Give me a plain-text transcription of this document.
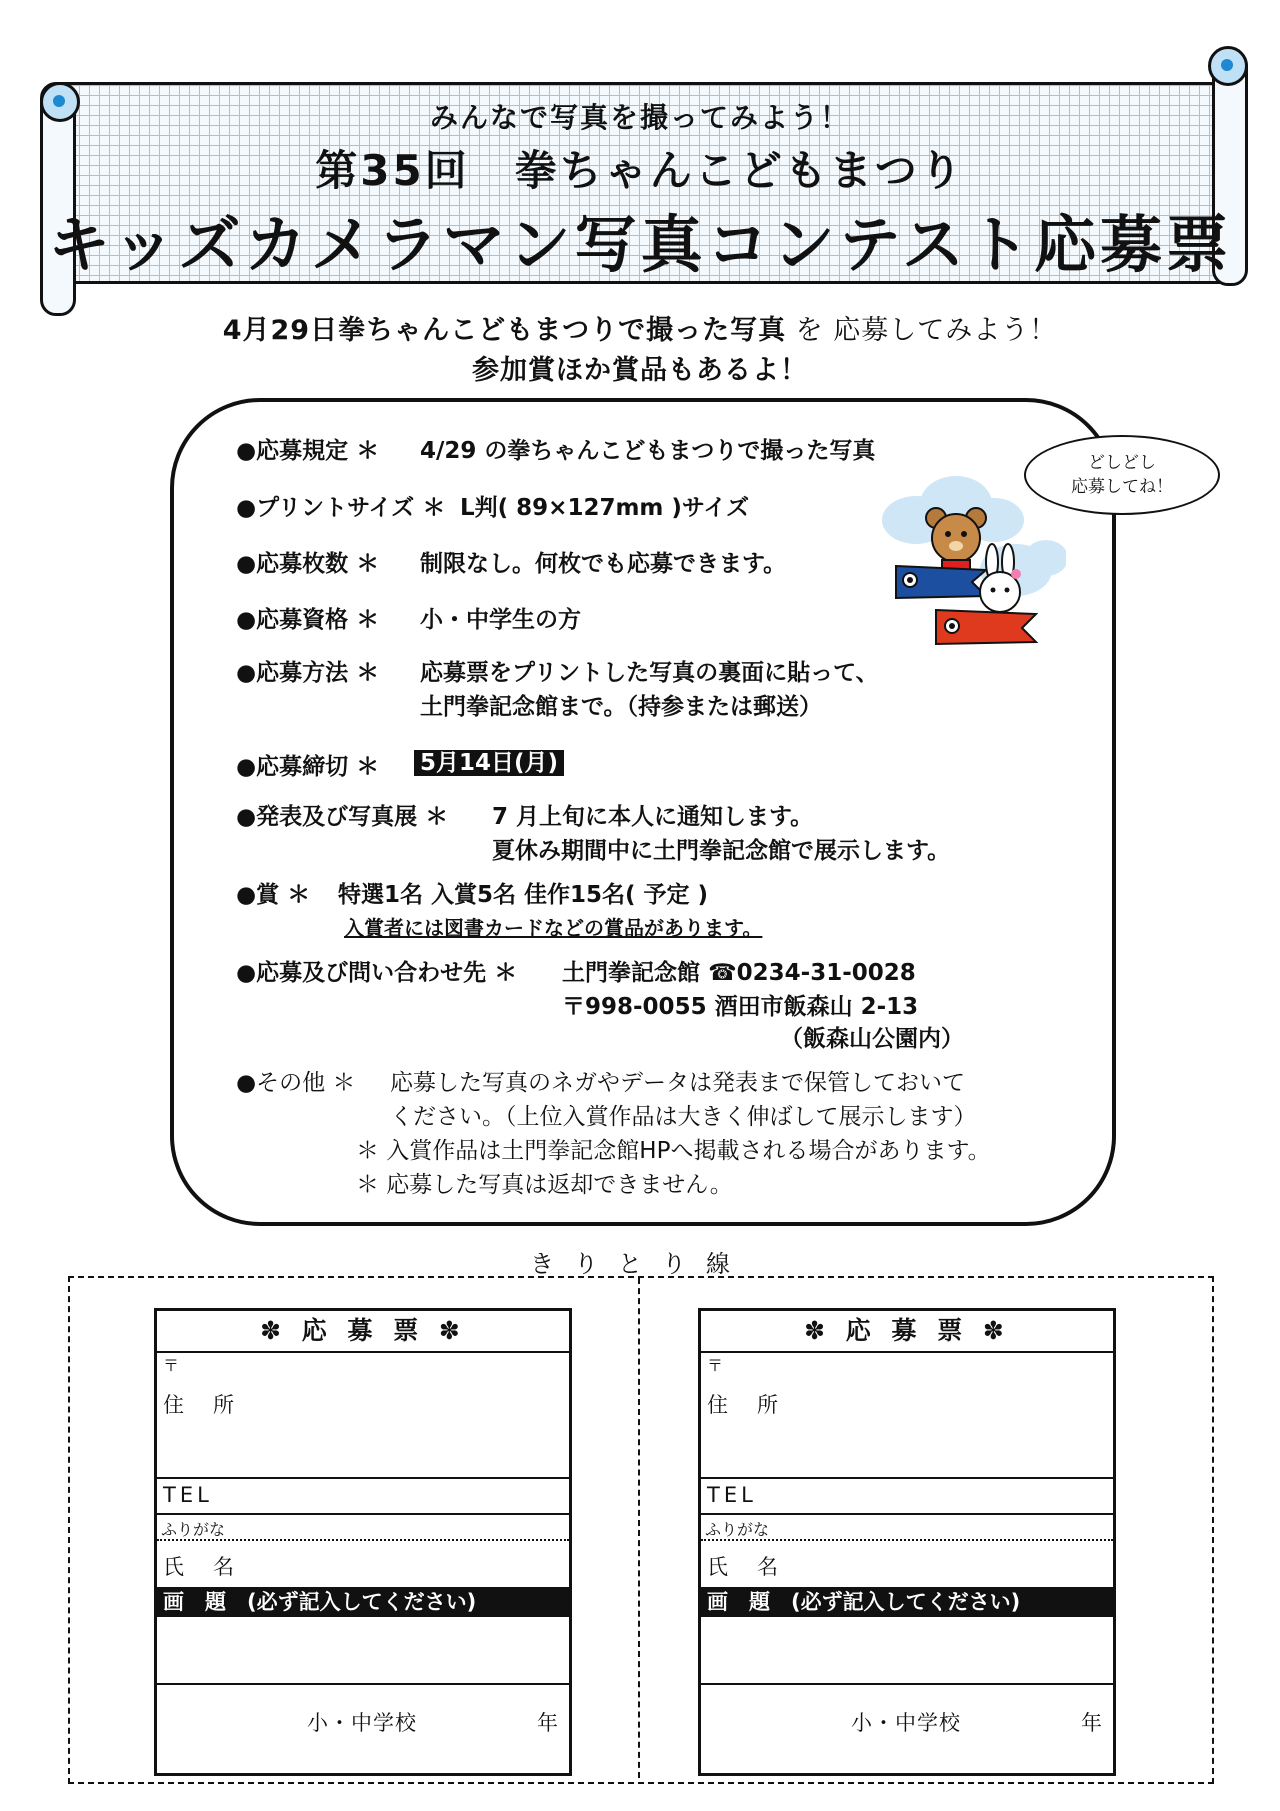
みんなで写真を撮ってみよう！
第35回　拳ちゃんこどもまつり
キッズカメラマン写真コンテスト応募票
4月29日拳ちゃんこどもまつりで撮った写真 を 応募してみよう！
参加賞ほか賞品もあるよ！
●応募規定 ＊ 4/29 の拳ちゃんこどもまつりで撮った写真
●プリントサイズ ＊ L判( 89×127mm )サイズ
●応募枚数 ＊ 制限なし。何枚でも応募できます。
●応募資格 ＊ 小・中学生の方
●応募方法 ＊ 応募票をプリントした写真の裏面に貼って、
土門拳記念館まで。（持参または郵送）
●応募締切 ＊ 5月14日(月)
●発表及び写真展 ＊ 7 月上旬に本人に通知します。
夏休み期間中に土門拳記念館で展示します。
●賞 ＊ 特選1名 入賞5名 佳作15名( 予定 )
入賞者には図書カードなどの賞品があります。
●応募及び問い合わせ先 ＊ 土門拳記念館 ☎0234-31-0028
〒998-0055 酒田市飯森山 2-13
（飯森山公園内）
●その他 ＊ 応募した写真のネガやデータは発表まで保管しておいて
ください。（上位入賞作品は大きく伸ばして展示します）
＊ 入賞作品は土門拳記念館HPへ掲載される場合があります。
＊ 応募した写真は返却できません。
どしどし
応募してね！
きりとり線
✽ 応 募 票 ✽
〒
住　所
TEL
ふりがな
氏　名
画　題　(必ず記入してください)
小・中学校	年
✽ 応 募 票 ✽
〒
住　所
TEL
ふりがな
氏　名
画　題　(必ず記入してください)
小・中学校	年
